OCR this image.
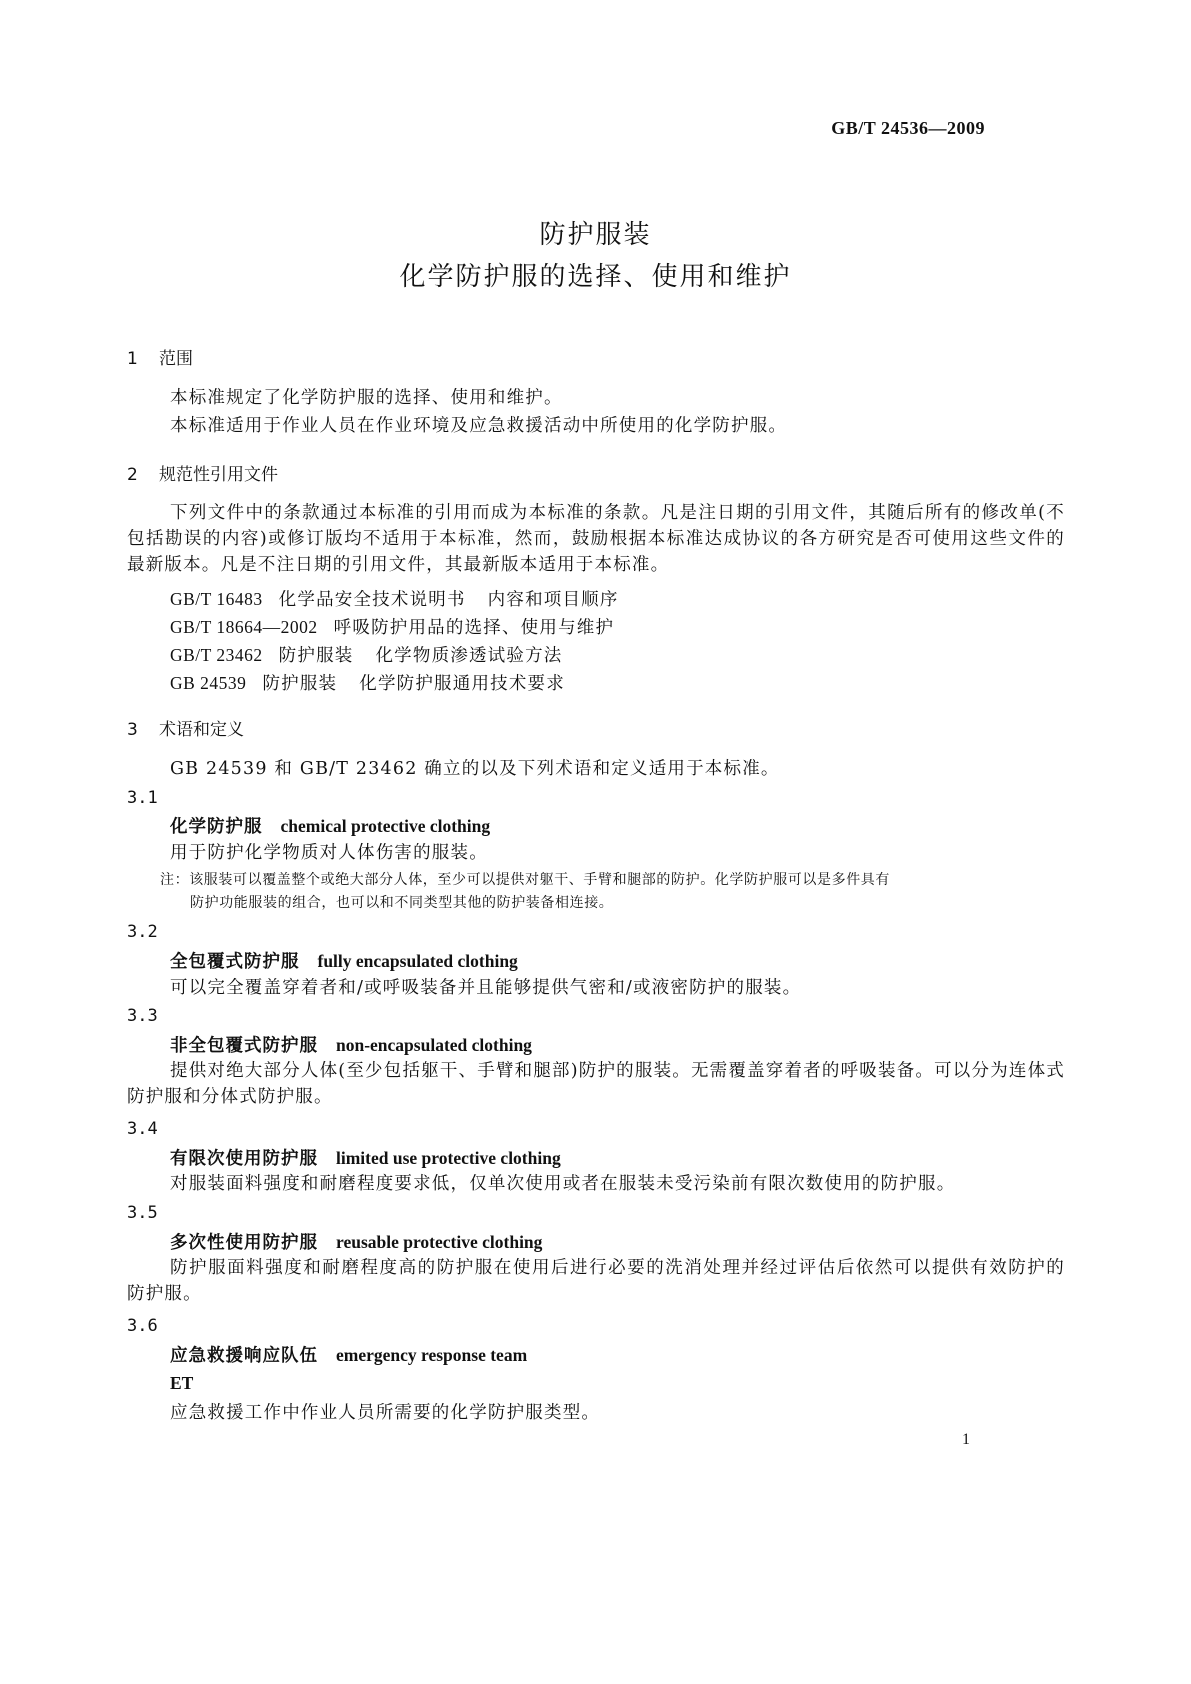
GB/T 24536—2009
防护服装
化学防护服的选择、使用和维护
1 范围
本标准规定了化学防护服的选择、使用和维护。
本标准适用于作业人员在作业环境及应急救援活动中所使用的化学防护服。
2 规范性引用文件
下列文件中的条款通过本标准的引用而成为本标准的条款。凡是注日期的引用文件，其随后所有的修改单(不包括勘误的内容)或修订版均不适用于本标准，然而，鼓励根据本标准达成协议的各方研究是否可使用这些文件的最新版本。凡是不注日期的引用文件，其最新版本适用于本标准。
GB/T 16483 化学品安全技术说明书 内容和项目顺序
GB/T 18664—2002 呼吸防护用品的选择、使用与维护
GB/T 23462 防护服装 化学物质渗透试验方法
GB 24539 防护服装 化学防护服通用技术要求
3 术语和定义
GB 24539 和 GB/T 23462 确立的以及下列术语和定义适用于本标准。
3.1
化学防护服 chemical protective clothing
用于防护化学物质对人体伤害的服装。
注：该服装可以覆盖整个或绝大部分人体，至少可以提供对躯干、手臂和腿部的防护。化学防护服可以是多件具有
防护功能服装的组合，也可以和不同类型其他的防护装备相连接。
3.2
全包覆式防护服 fully encapsulated clothing
可以完全覆盖穿着者和/或呼吸装备并且能够提供气密和/或液密防护的服装。
3.3
非全包覆式防护服 non-encapsulated clothing
提供对绝大部分人体(至少包括躯干、手臂和腿部)防护的服装。无需覆盖穿着者的呼吸装备。可以分为连体式防护服和分体式防护服。
3.4
有限次使用防护服 limited use protective clothing
对服装面料强度和耐磨程度要求低，仅单次使用或者在服装未受污染前有限次数使用的防护服。
3.5
多次性使用防护服 reusable protective clothing
防护服面料强度和耐磨程度高的防护服在使用后进行必要的洗消处理并经过评估后依然可以提供有效防护的防护服。
3.6
应急救援响应队伍 emergency response team
ET
应急救援工作中作业人员所需要的化学防护服类型。
1
